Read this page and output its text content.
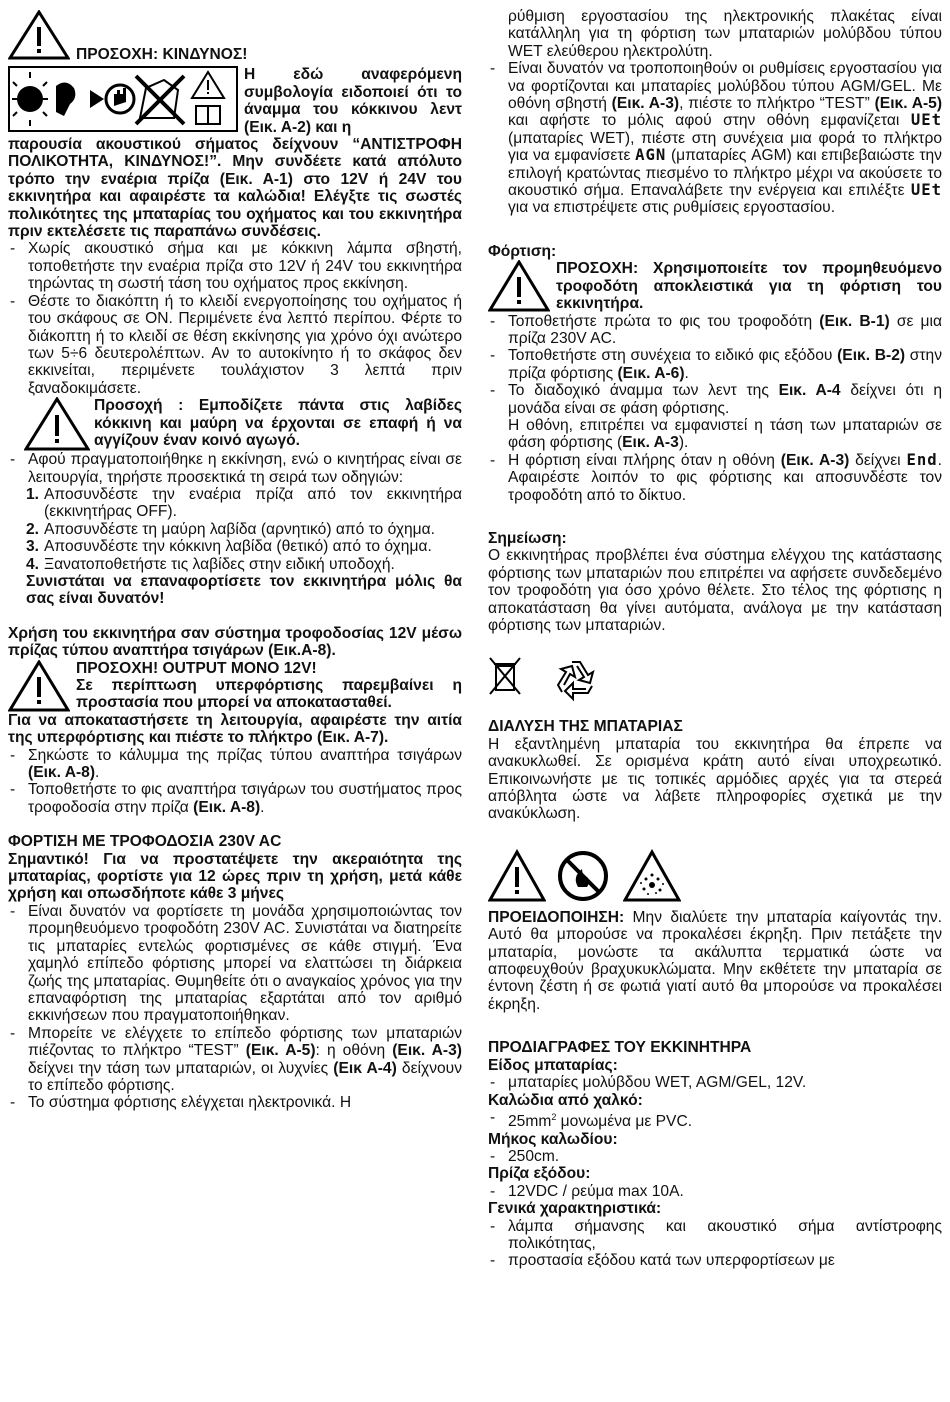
ΠΡΟΣΟΧΗ: ΚΙΝΔΥΝΟΣ!

Η εδώ αναφερόμενη συμβολογία ειδοποιεί ότι το άναμμα του κόκκινου λεντ (Εικ. Α-2) και η

παρουσία ακουστικού σήματος δείχνουν “ΑΝΤΙΣΤΡΟΦΗ ΠΟΛΙΚΟΤΗΤΑ, ΚΙΝΔΥΝΟΣ!”. Μην συνδέετε κατά απόλυτο τρόπο την εναέρια πρίζα (Εικ. Α-1) στο 12V ή 24V του εκκινητήρα και αφαιρέστε τα καλώδια! Ελέγξτε τις σωστές πολικότητες της μπαταρίας του οχήματος και του εκκινητήρα πριν εκτελέσετε τις παραπάνω συνδέσεις.

- Χωρίς ακουστικό σήμα και με κόκκινη λάμπα σβηστή, τοποθετήστε την εναέρια πρίζα στο 12V ή 24V του εκκινητήρα τηρώντας τη σωστή τάση του οχήματος προς εκκίνηση.
- Θέστε το διακόπτη ή το κλειδί ενεργοποίησης του οχήματος ή του σκάφους σε ON. Περιμένετε ένα λεπτό περίπου. Φέρτε το διάκοπτη ή το κλειδί σε θέση εκκίνησης για χρόνο όχι ανώτερο των 5÷6 δευτερολέπτων. Αν το αυτοκίνητο ή το σκάφος δεν εκκινείται, περιμένετε τουλάχιστον 3 λεπτά πριν ξαναδοκιμάσετε.

Προσοχή : Εμποδίζετε πάντα στις λαβίδες κόκκινη και μαύρη να έρχονται σε επαφή ή να αγγίζουν έναν κοινό αγωγό.

- Αφού πραγματοποιήθηκε η εκκίνηση, ενώ ο κινητήρας είναι σε λειτουργία, τηρήστε προσεκτικά τη σειρά των οδηγιών:
1. Αποσυνδέστε την εναέρια πρίζα από τον εκκινητήρα (εκκινητήρας OFF).
2. Αποσυνδέστε τη μαύρη λαβίδα (αρνητικό) από το όχημα.
3. Αποσυνδέστε την κόκκινη λαβίδα (θετικό) από το όχημα.
4. Ξανατοποθετήστε τις λαβίδες στην ειδική υποδοχή.

Συνιστάται να επαναφορτίσετε τον εκκινητήρα μόλις θα σας είναι δυνατόν!

Χρήση του εκκινητήρα σαν σύστημα τροφοδοσίας 12V μέσω πρίζας τύπου αναπτήρα τσιγάρων (Εικ.Α-8).

ΠΡΟΣΟΧΗ! OUTPUT MONO 12V!

Σε περίπτωση υπερφόρτισης παρεμβαίνει η προστασία που μπορεί να αποκατασταθεί.

Για να αποκαταστήσετε τη λειτουργία, αφαιρέστε την αιτία της υπερφόρτισης και πιέστε το πλήκτρο (Εικ. Α-7).

- Σηκώστε το κάλυμμα της πρίζας τύπου αναπτήρα τσιγάρων (Εικ. Α-8).
- Τοποθετήστε το φις αναπτήρα τσιγάρων του συστήματος προς τροφοδοσία στην πρίζα (Εικ. Α-8).

ΦΟΡΤΙΣΗ ΜΕ ΤΡΟΦΟΔΟΣΙΑ 230V AC

Σημαντικό! Για να προστατέψετε την ακεραιότητα της μπαταρίας, φορτίστε για 12 ώρες πριν τη χρήση, μετά κάθε χρήση και οπωσδήποτε κάθε 3 μήνες

- Είναι δυνατόν να φορτίσετε τη μονάδα χρησιμοποιώντας τον προμηθευόμενο τροφοδότη 230V AC. Συνιστάται να διατηρείτε τις μπαταρίες εντελώς φορτισμένες σε κάθε στιγμή. Ένα χαμηλό επίπεδο φόρτισης μπορεί να ελαττώσει τη διάρκεια ζωής της μπαταρίας. Θυμηθείτε ότι ο αναγκαίος χρόνος για την επαναφόρτιση της μπαταρίας εξαρτάται από τον αριθμό εκκινήσεων που πραγματοποιήθηκαν.
- Μπορείτε νε ελέγχετε το επίπεδο φόρτισης των μπαταριών πιέζοντας το πλήκτρο “TEST” (Εικ. Α-5): η οθόνη (Εικ. Α-3) δείχνει την τάση των μπαταριών, οι λυχνίες (Εικ Α-4) δείχνουν το επίπεδο φόρτισης.
- Το σύστημα φόρτισης ελέγχεται ηλεκτρονικά. Η

ρύθμιση εργοστασίου της ηλεκτρονικής πλακέτας είναι κατάλληλη για τη φόρτιση των μπαταριών μολύβδου τύπου WET ελεύθερου ηλεκτρολύτη.

- Είναι δυνατόν να τροποποιηθούν οι ρυθμίσεις εργοστασίου για να φορτίζονται και μπαταρίες μολύβδου τύπου AGM/GEL. Με οθόνη σβηστή (Εικ. Α-3), πιέστε το πλήκτρο “TEST” (Εικ. Α-5) και αφήστε το μόλις αφού στην οθόνη εμφανίζεται UEt (μπαταρίες WET), πιέστε στη συνέχεια μια φορά το πλήκτρο για να εμφανίσετε AGN (μπαταρίες AGM) και επιβεβαιώστε την επιλογή κρατώντας πιεσμένο το πλήκτρο μέχρι να ακούσετε το ακουστικό σήμα. Επαναλάβετε την ενέργεια και επιλέξτε UEt για να επιστρέψετε στις ρυθμίσεις εργοστασίου.

Φόρτιση:

ΠΡΟΣΟΧΗ: Χρησιμοποιείτε τον προμηθευόμενο τροφοδότη αποκλειστικά για τη φόρτιση του εκκινητήρα.

- Τοποθετήστε πρώτα το φις του τροφοδότη (Εικ. Β-1) σε μια πρίζα 230V AC.
- Τοποθετήστε στη συνέχεια το ειδικό φις εξόδου (Εικ. Β-2) στην πρίζα φόρτισης (Εικ. Α-6).
- Το διαδοχικό άναμμα των λεντ της Εικ. Α-4 δείχνει ότι η μονάδα είναι σε φάση φόρτισης.
Η οθόνη, επιτρέπει να εμφανιστεί η τάση των μπαταριών σε φάση φόρτισης (Εικ. Α-3).
- Η φόρτιση είναι πλήρης όταν η οθόνη (Εικ. Α-3) δείχνει End. Αφαιρέστε λοιπόν το φις φόρτισης και αποσυνδέστε τον τροφοδότη από το δίκτυο.

Σημείωση:

Ο εκκινητήρας προβλέπει ένα σύστημα ελέγχου της κατάστασης φόρτισης των μπαταριών που επιτρέπει να αφήσετε συνδεδεμένο τον τροφοδότη για όσο χρόνο θέλετε. Στο τέλος της φόρτισης η αποκατάσταση θα γίνει αυτόματα, ανάλογα με την κατάσταση φόρτισης των μπαταριών.

ΔΙΑΛΥΣΗ ΤΗΣ ΜΠΑΤΑΡΙΑΣ

Η εξαντλημένη μπαταρία του εκκινητήρα θα έπρεπε να ανακυκλωθεί. Σε ορισμένα κράτη αυτό είναι υποχρεωτικό. Επικοινωνήστε με τις τοπικές αρμόδιες αρχές για τα στερεά απόβλητα ώστε να λάβετε πληροφορίες σχετικά με την ανακύκλωση.

ΠΡΟΕΙΔΟΠΟΙΗΣΗ: Μην διαλύετε την μπαταρία καίγοντάς την. Αυτό θα μπορούσε να προκαλέσει έκρηξη. Πριν πετάξετε την μπαταρία, μονώστε τα ακάλυπτα τερματικά ώστε να αποφευχθούν βραχυκυκλώματα. Μην εκθέτετε την μπαταρία σε έντονη ζέστη ή σε φωτιά γιατί αυτό θα μπορούσε να προκαλέσει έκρηξη.

ΠΡΟΔΙΑΓΡΑΦΕΣ ΤΟΥ ΕΚΚΙΝΗΤΗΡΑ

Είδος μπαταρίας:

- μπαταρίες μολύβδου WET, AGM/GEL, 12V.

Καλώδια από χαλκό:

- $25mm^2$ μονωμένα με PVC.

Μήκος καλωδίου:

- 250cm.

Πρίζα εξόδου:

- 12VDC / ρεύμα max 10A.

Γενικά χαρακτηριστικά:

- λάμπα σήμανσης και ακουστικό σήμα αντίστροφης πολικότητας,
- προστασία εξόδου κατά των υπερφορτίσεων με
